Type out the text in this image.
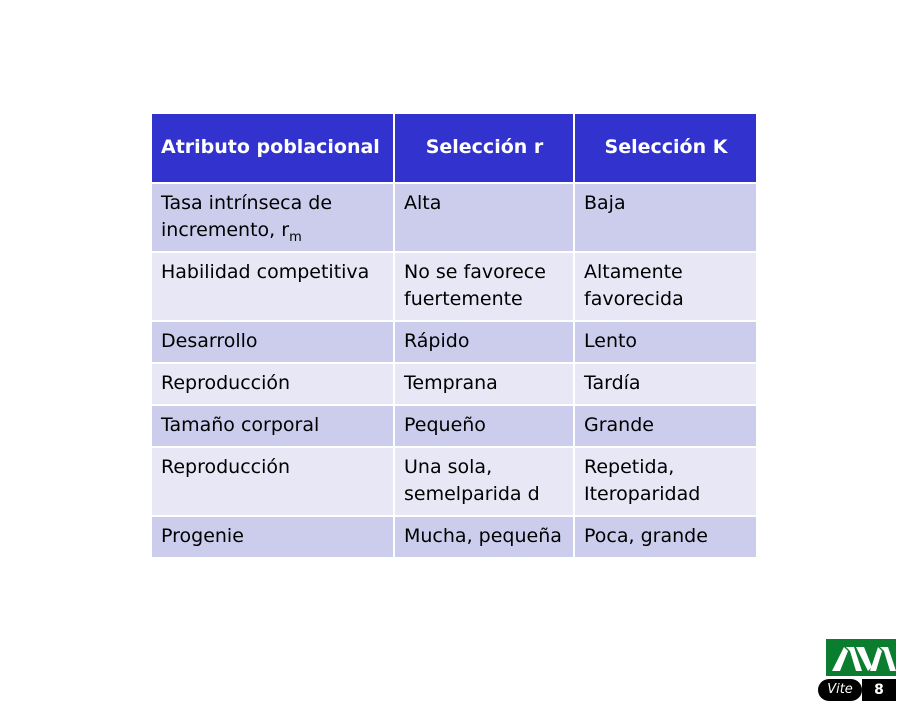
Atributo poblacional	Selección r	Selección K
Tasa intrínseca de incremento, $r_m$	Alta	Baja
Habilidad competitiva	No se favorece fuertemente	Altamente favorecida
Desarrollo	Rápido	Lento
Reproducción	Temprana	Tardía
Tamaño corporal	Pequeño	Grande
Reproducción	Una sola, semelparida d	Repetida, Iteroparidad
Progenie	Mucha, pequeña	Poca, grande
Vite	8
